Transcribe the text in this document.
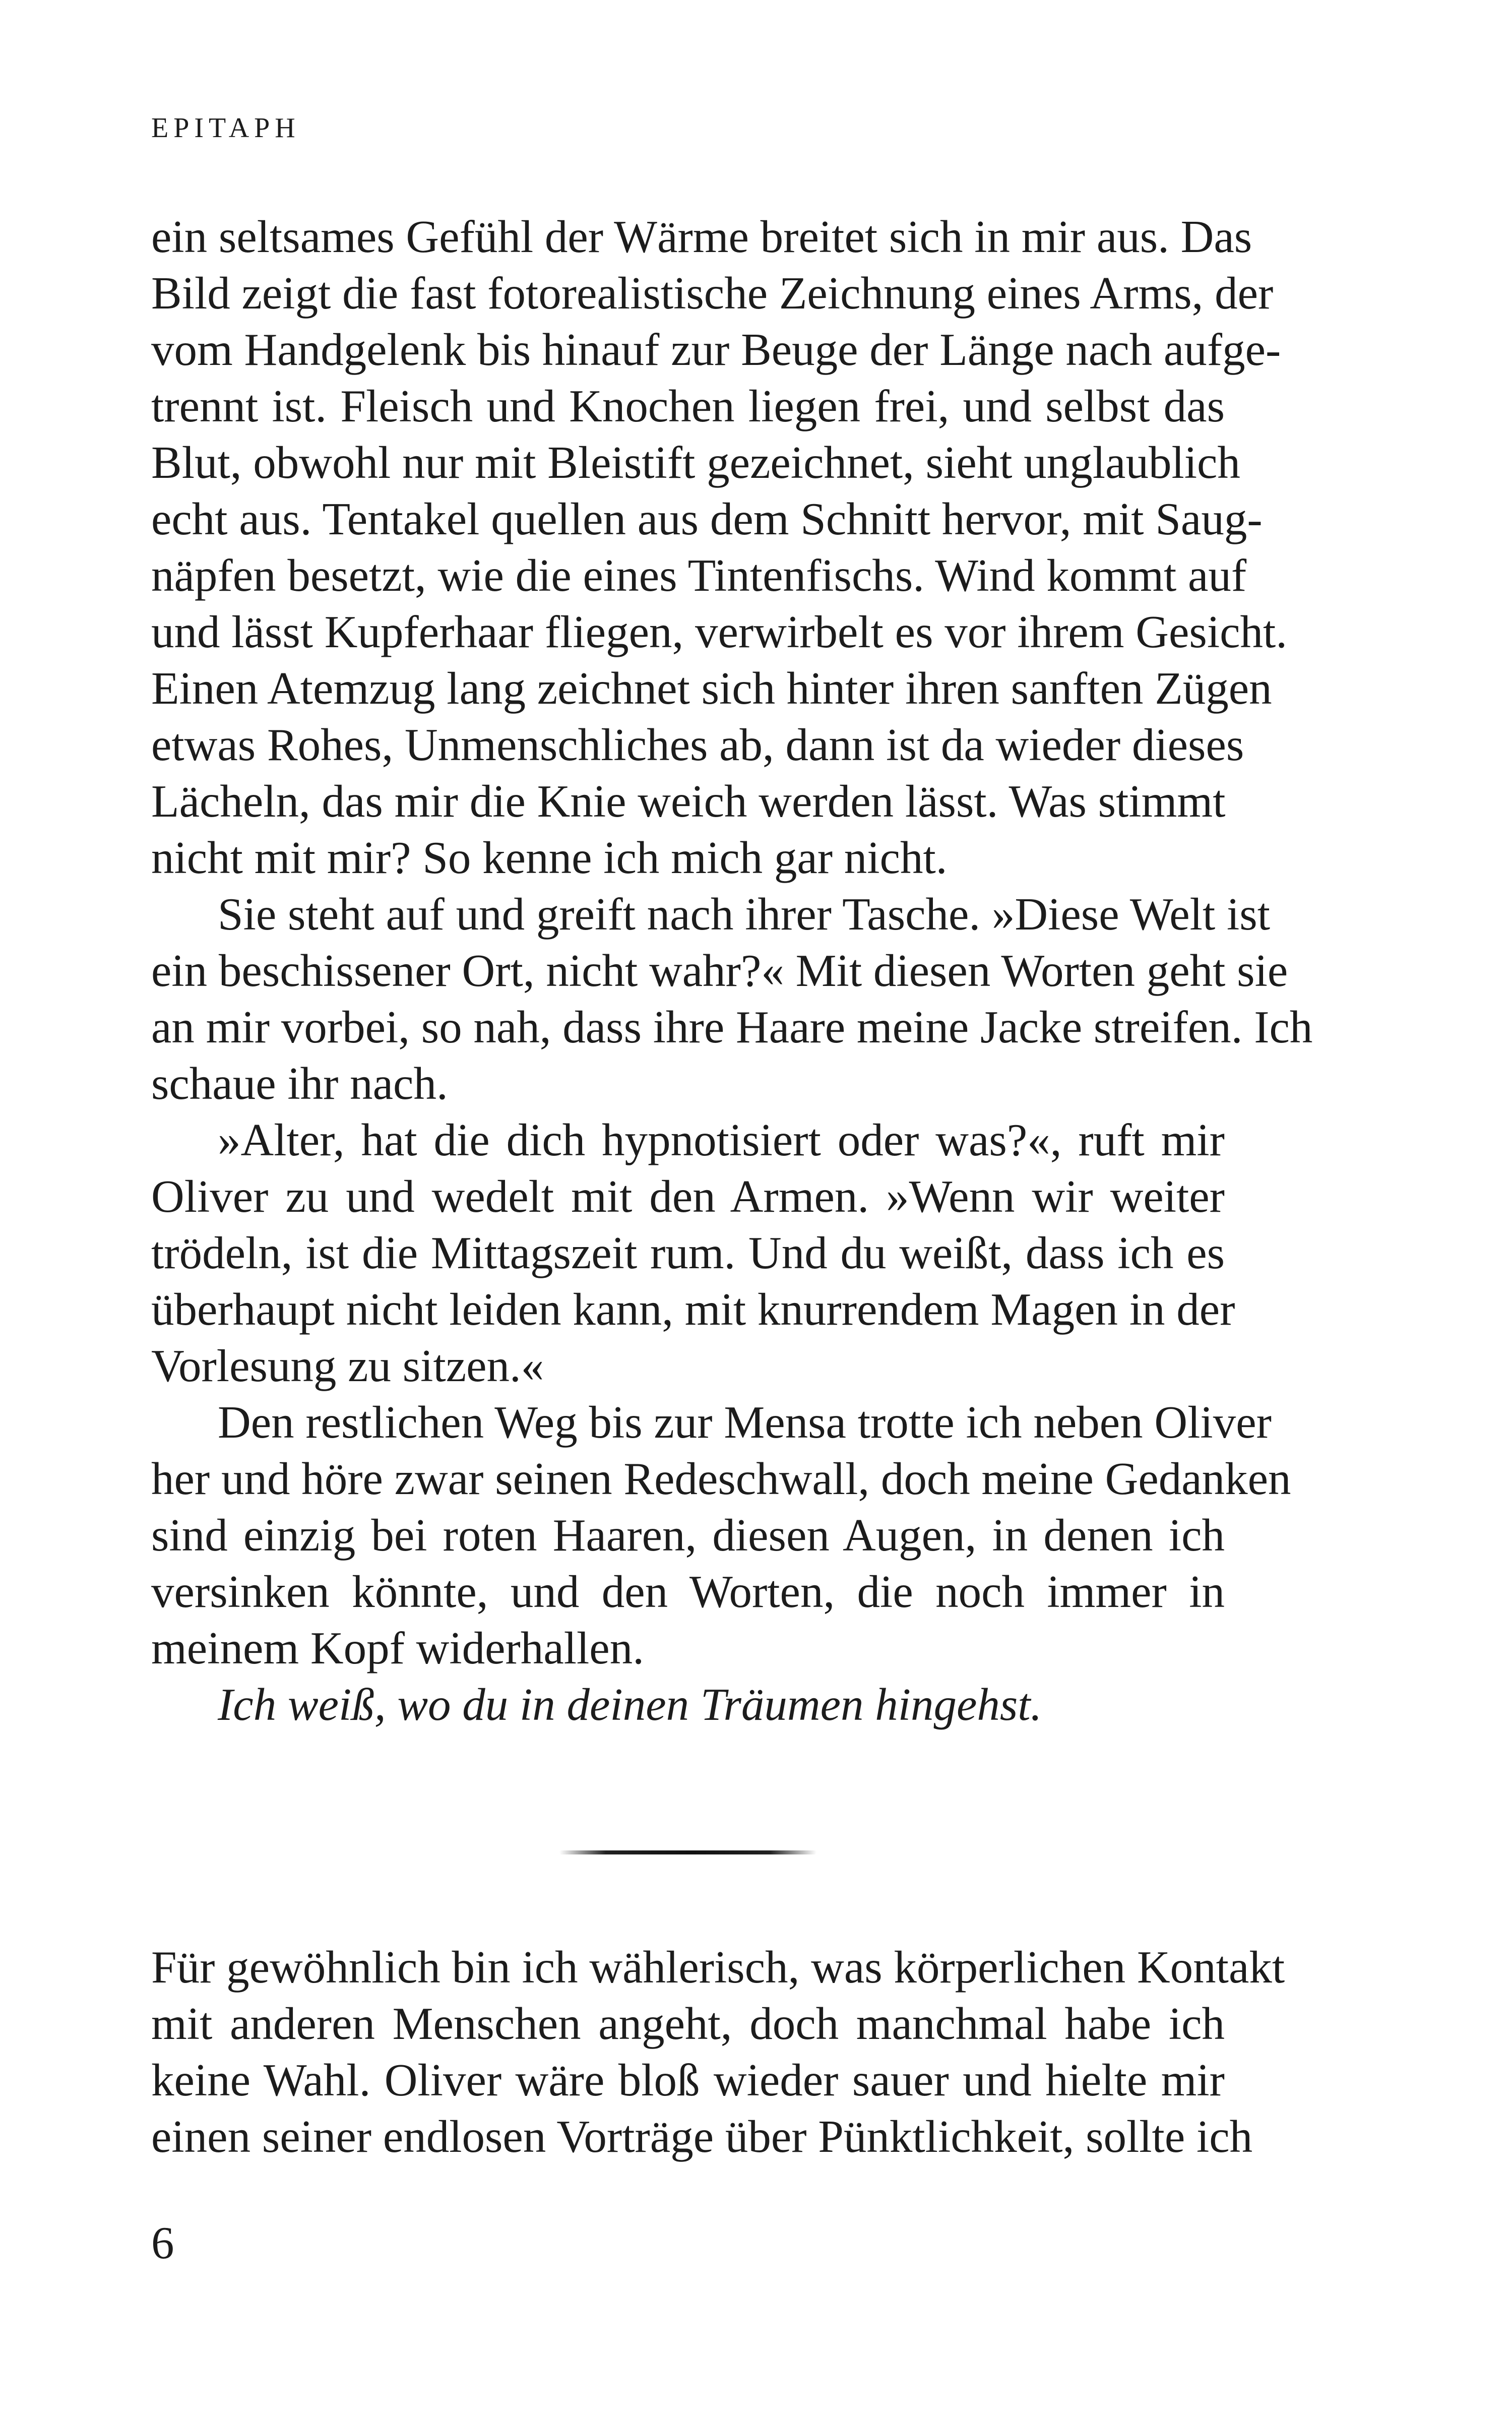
EPITAPH
ein seltsames Gefühl der Wärme breitet sich in mir aus. Das
Bild zeigt die fast fotorealistische Zeichnung eines Arms, der
vom Handgelenk bis hinauf zur Beuge der Länge nach aufge-
trennt ist. Fleisch und Knochen liegen frei, und selbst das
Blut, obwohl nur mit Bleistift gezeichnet, sieht unglaublich
echt aus. Tentakel quellen aus dem Schnitt hervor, mit Saug-
näpfen besetzt, wie die eines Tintenfischs. Wind kommt auf
und lässt Kupferhaar fliegen, verwirbelt es vor ihrem Gesicht.
Einen Atemzug lang zeichnet sich hinter ihren sanften Zügen
etwas Rohes, Unmenschliches ab, dann ist da wieder dieses
Lächeln, das mir die Knie weich werden lässt. Was stimmt
nicht mit mir? So kenne ich mich gar nicht.
Sie steht auf und greift nach ihrer Tasche. »Diese Welt ist
ein beschissener Ort, nicht wahr?« Mit diesen Worten geht sie
an mir vorbei, so nah, dass ihre Haare meine Jacke streifen. Ich
schaue ihr nach.
»Alter, hat die dich hypnotisiert oder was?«, ruft mir
Oliver zu und wedelt mit den Armen. »Wenn wir weiter
trödeln, ist die Mittagszeit rum. Und du weißt, dass ich es
überhaupt nicht leiden kann, mit knurrendem Magen in der
Vorlesung zu sitzen.«
Den restlichen Weg bis zur Mensa trotte ich neben Oliver
her und höre zwar seinen Redeschwall, doch meine Gedanken
sind einzig bei roten Haaren, diesen Augen, in denen ich
versinken könnte, und den Worten, die noch immer in
meinem Kopf widerhallen.
Ich weiß, wo du in deinen Träumen hingehst.
Für gewöhnlich bin ich wählerisch, was körperlichen Kontakt
mit anderen Menschen angeht, doch manchmal habe ich
keine Wahl. Oliver wäre bloß wieder sauer und hielte mir
einen seiner endlosen Vorträge über Pünktlichkeit, sollte ich
6
